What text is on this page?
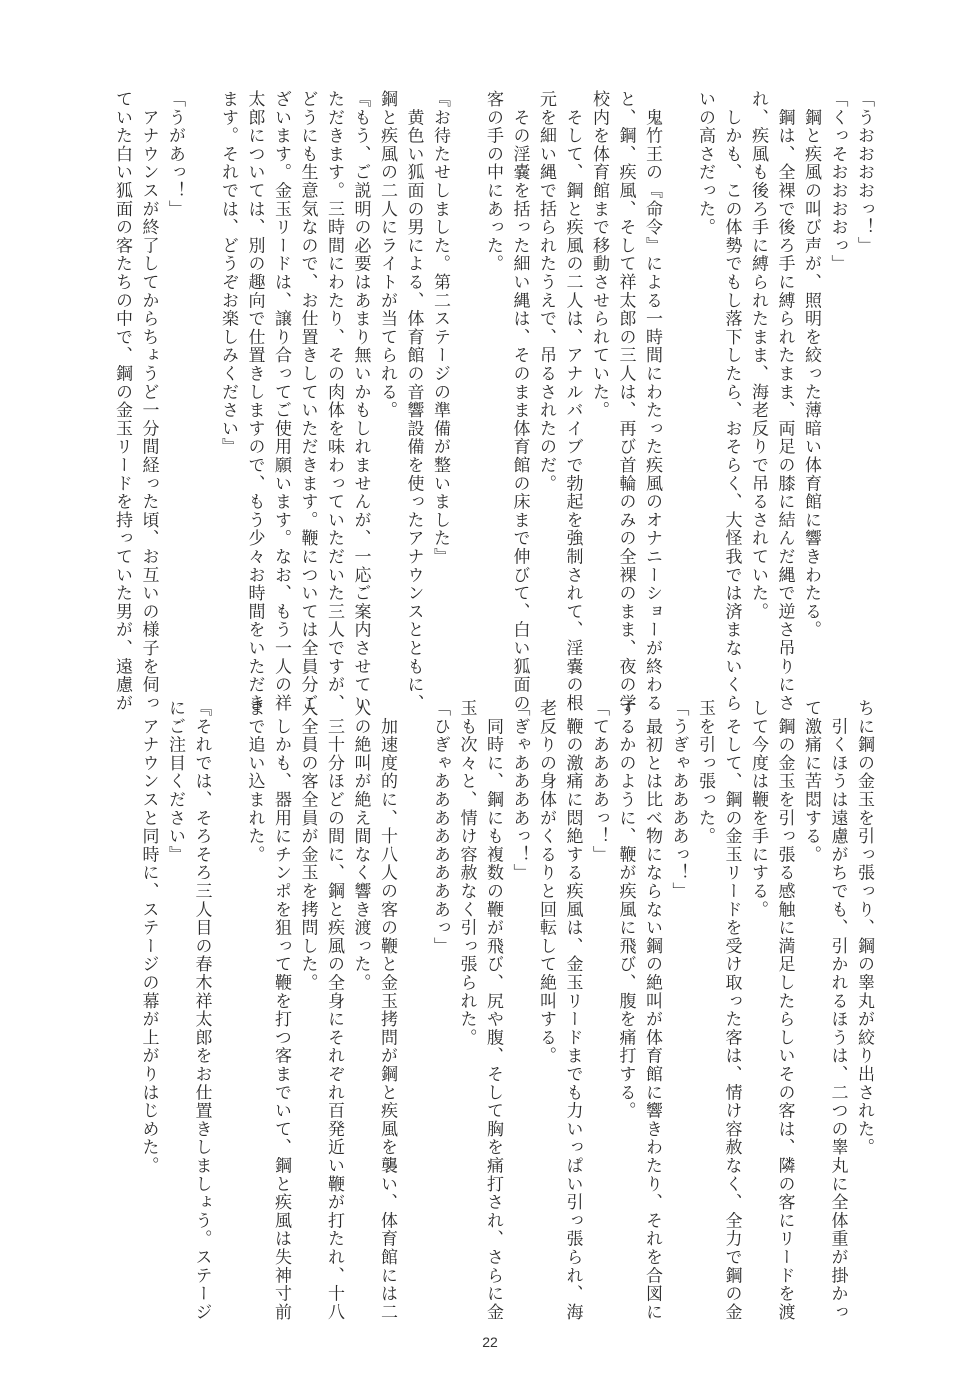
「うおおおおっ！」
「くっそおおおおっ」
　鋼と疾風の叫び声が、照明を絞った薄暗い体育館に響きわたる。
　鋼は、全裸で後ろ手に縛られたまま、両足の膝に結んだ縄で逆さ吊りにさ
れ、疾風も後ろ手に縛られたまま、海老反りで吊るされていた。
　しかも、この体勢でもし落下したら、おそらく、大怪我では済まないくら
いの高さだった。
　鬼竹王の『命令』による一時間にわたった疾風のオナニーショーが終わる
と、鋼、疾風、そして祥太郎の三人は、再び首輪のみの全裸のまま、夜の学
校内を体育館まで移動させられていた。
　そして、鋼と疾風の二人は、アナルバイブで勃起を強制されて、淫嚢の根
元を細い縄で括られたうえで、吊るされたのだ。
　その淫嚢を括った細い縄は、そのまま体育館の床まで伸びて、白い狐面の
客の手の中にあった。
『お待たせしました。第二ステージの準備が整いました』
　黄色い狐面の男による、体育館の音響設備を使ったアナウンスとともに、
鋼と疾風の二人にライトが当てられる。
『もう、ご説明の必要はあまり無いかもしれませんが、一応ご案内させてい
ただきます。三時間にわたり、その肉体を味わっていただいた三人ですが、
どうにも生意気なので、お仕置きしていただきます。鞭については全員分ご
ざいます。金玉リードは、譲り合ってご使用願います。なお、もう一人の祥
太郎については、別の趣向で仕置きしますので、もう少々お時間をいただき
ます。それでは、どうぞお楽しみください』
「うがあっ！」
　アナウンスが終了してからちょうど一分間経った頃、お互いの様子を伺っ
ていた白い狐面の客たちの中で、鋼の金玉リードを持っていた男が、遠慮が
ちに鋼の金玉を引っ張っり、鋼の睾丸が絞り出された。
　引くほうは遠慮がちでも、引かれるほうは、二つの睾丸に全体重が掛かっ
て激痛に苦悶する。
　鋼の金玉を引っ張る感触に満足したらしいその客は、隣の客にリードを渡
して今度は鞭を手にする。
　そして、鋼の金玉リードを受け取った客は、情け容赦なく、全力で鋼の金
玉を引っ張った。
「うぎゃああああっ！」
　最初とは比べ物にならない鋼の絶叫が体育館に響きわたり、それを合図に
するかのように、鞭が疾風に飛び、腹を痛打する。
「てああああっ！」
　鞭の激痛に悶絶する疾風は、金玉リードまでも力いっぱい引っ張られ、海
老反りの身体がくるりと回転して絶叫する。
「ぎゃああああっ！」
　同時に、鋼にも複数の鞭が飛び、尻や腹、そして胸を痛打され、さらに金
玉も次々と、情け容赦なく引っ張られた。
「ひぎゃああああああああっ」
　加速度的に、十八人の客の鞭と金玉拷問が鋼と疾風を襲い、体育館には二
人の絶叫が絶え間なく響き渡った。
　三十分ほどの間に、鋼と疾風の全身にそれぞれ百発近い鞭が打たれ、十八
人全員の客全員が金玉を拷問した。
　しかも、器用にチンポを狙って鞭を打つ客までいて、鋼と疾風は失神寸前
まで追い込まれた。
『それでは、そろそろ三人目の春木祥太郎をお仕置きしましょう。ステージ
にご注目ください』
　アナウンスと同時に、ステージの幕が上がりはじめた。
22
